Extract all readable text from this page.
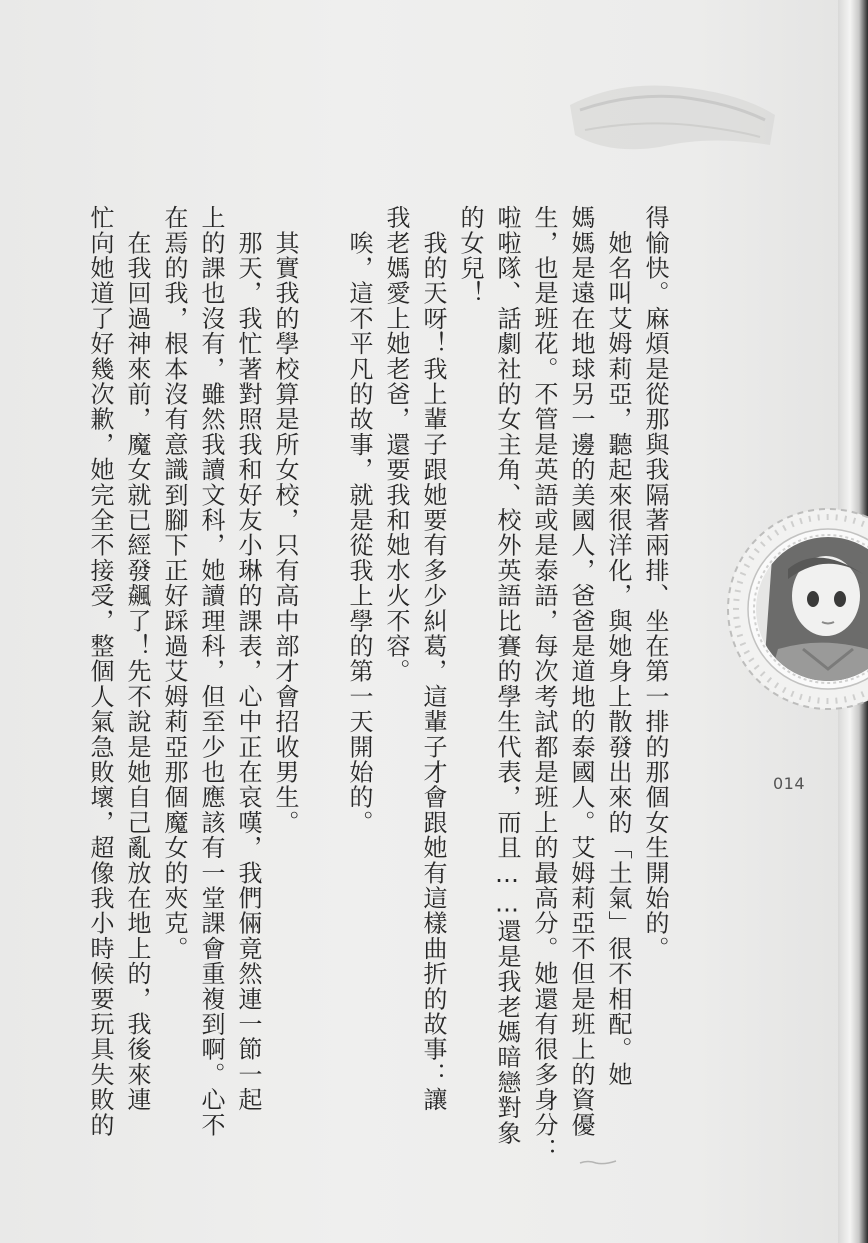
得愉快。麻煩是從那與我隔著兩排、坐在第一排的那個女生開始的。
　她名叫艾姆莉亞，聽起來很洋化，與她身上散發出來的「土氣」很不相配。她
媽媽是遠在地球另一邊的美國人，爸爸是道地的泰國人。艾姆莉亞不但是班上的資優
生，也是班花。不管是英語或是泰語，每次考試都是班上的最高分。她還有很多身分：
啦啦隊、話劇社的女主角、校外英語比賽的學生代表，而且……還是我老媽暗戀對象
的女兒！
　我的天呀！我上輩子跟她要有多少糾葛，這輩子才會跟她有這樣曲折的故事：讓
我老媽愛上她老爸，還要我和她水火不容。
　唉，這不平凡的故事，就是從我上學的第一天開始的。
　其實我的學校算是所女校，只有高中部才會招收男生。
　那天，我忙著對照我和好友小琳的課表，心中正在哀嘆，我們倆竟然連一節一起
上的課也沒有，雖然我讀文科，她讀理科，但至少也應該有一堂課會重複到啊。心不
在焉的我，根本沒有意識到腳下正好踩過艾姆莉亞那個魔女的夾克。
　在我回過神來前，魔女就已經發飆了！先不說是她自己亂放在地上的，我後來連
忙向她道了好幾次歉，她完全不接受，整個人氣急敗壞，超像我小時候要玩具失敗的	014
